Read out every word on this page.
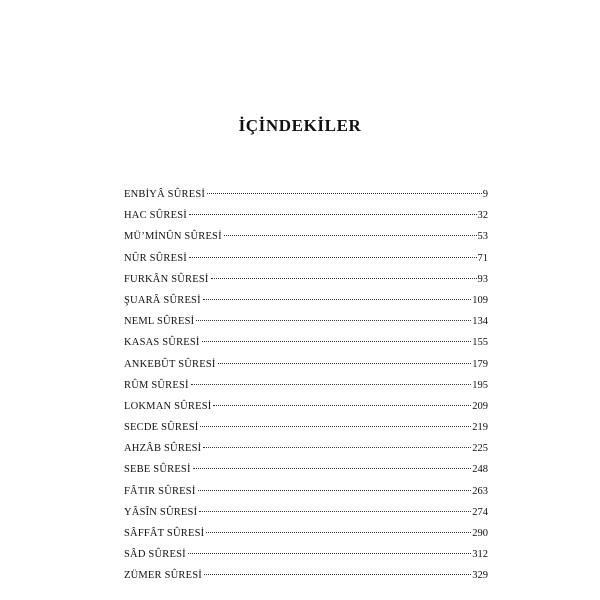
İÇİNDEKİLER
ENBİYÂ SÛRESİ	9
HAC SÛRESİ	32
MÜ’MİNÛN SÛRESİ	53
NÛR SÛRESİ	71
FURKÂN SÛRESİ	93
ŞUARÂ SÛRESİ	109
NEML SÛRESİ	134
KASAS SÛRESİ	155
ANKEBÛT SÛRESİ	179
RÛM SÛRESİ	195
LOKMAN SÛRESİ	209
SECDE SÛRESİ	219
AHZÂB SÛRESİ	225
SEBE SÛRESİ	248
FÂTIR SÛRESİ	263
YÂSÎN SÛRESİ	274
SÂFFÂT SÛRESİ	290
SÂD SÛRESİ	312
ZÜMER SÛRESİ	329
